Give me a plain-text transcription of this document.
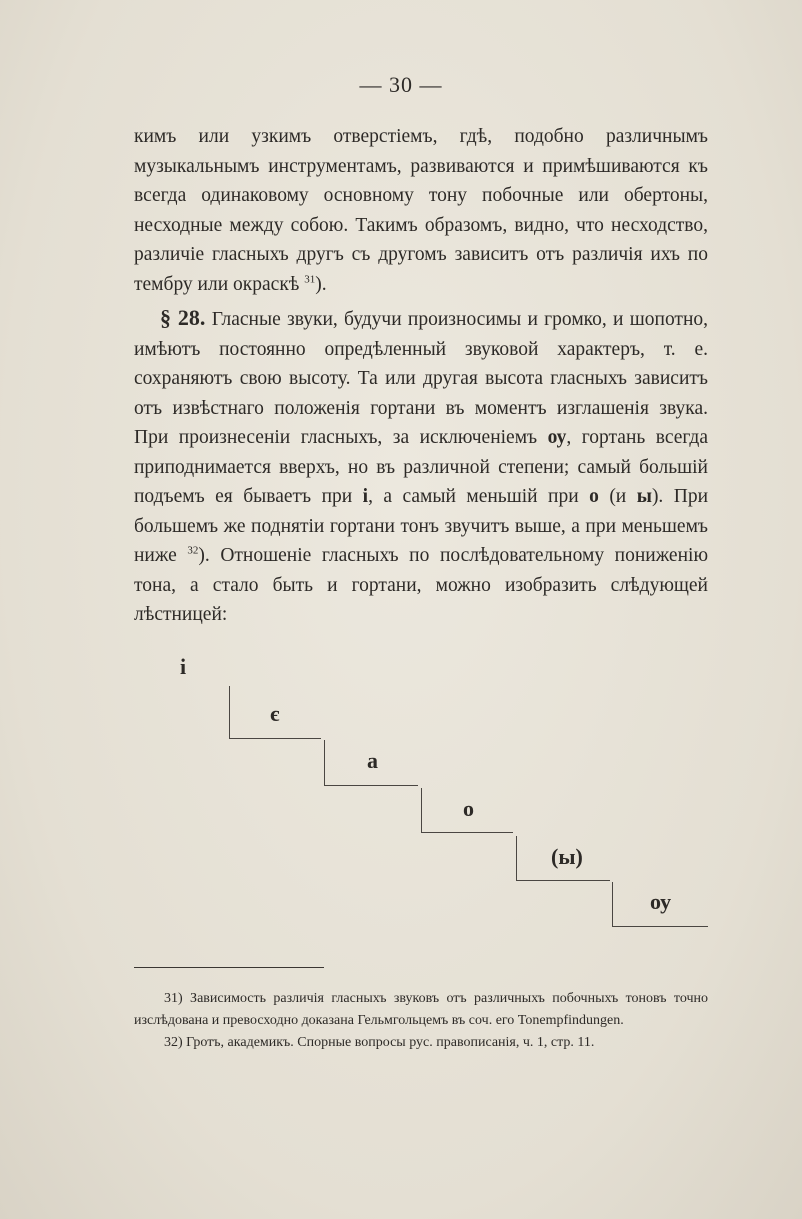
— 30 —
кимъ или узкимъ отверстіемъ, гдѣ, подобно различнымъ музыкальнымъ инструментамъ, развиваются и примѣшиваются къ всегда одинаковому основному тону побочные или обертоны, несходные между собою. Такимъ образомъ, видно, что несходство, различіе гласныхъ другъ съ другомъ зависитъ отъ различія ихъ по тембру или окраскѣ $^{31}$).
§ 28. Гласные звуки, будучи произносимы и громко, и шопотно, имѣютъ постоянно опредѣленный звуковой характеръ, т. е. сохраняютъ свою высоту. Та или другая высота гласныхъ зависитъ отъ извѣстнаго положенія гортани въ моментъ изглашенія звука. При произнесеніи гласныхъ, за исключеніемъ оу, гортань всегда приподнимается вверхъ, но въ различной степени; самый большій подъемъ ея бываетъ при і, а самый меньшій при о (и ы). При большемъ же поднятіи гортани тонъ звучитъ выше, а при меньшемъ ниже $^{32}$). Отношеніе гласныхъ по послѣдовательному пониженію тона, а стало быть и гортани, можно изобразить слѣдующей лѣстницей:
і
є
а
о
(ы)
оу

31) Зависимость различія гласныхъ звуковъ отъ различныхъ побочныхъ тоновъ точно изслѣдована и превосходно доказана Гельмгольцемъ въ соч. его Tonempfindungen.

32) Гротъ, академикъ. Спорные вопросы рус. правописанія, ч. 1, стр. 11.
